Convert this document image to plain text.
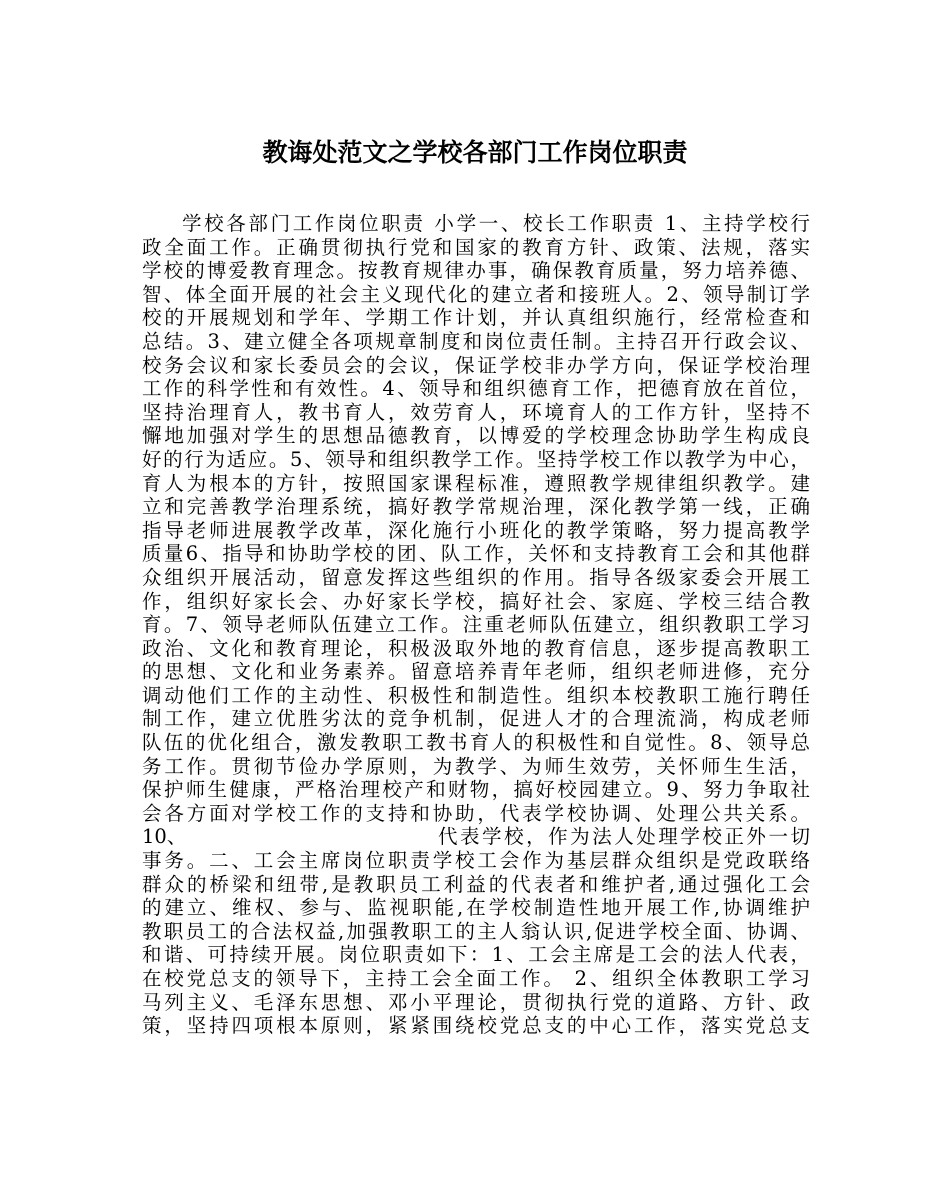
教诲处范文之学校各部门工作岗位职责
学校各部门工作岗位职责 小学一、校长工作职责 1、主持学校行
政全面工作。正确贯彻执行党和国家的教育方针、政策、法规，落实
学校的博爱教育理念。按教育规律办事，确保教育质量，努力培养德、
智、体全面开展的社会主义现代化的建立者和接班人。2、领导制订学
校的开展规划和学年、学期工作计划，并认真组织施行，经常检查和
总结。3、建立健全各项规章制度和岗位责任制。主持召开行政会议、
校务会议和家长委员会的会议，保证学校非办学方向，保证学校治理
工作的科学性和有效性。4、领导和组织德育工作，把德育放在首位，
坚持治理育人，教书育人，效劳育人，环境育人的工作方针，坚持不
懈地加强对学生的思想品德教育，以博爱的学校理念协助学生构成良
好的行为适应。5、领导和组织教学工作。坚持学校工作以教学为中心，
育人为根本的方针，按照国家课程标准，遵照教学规律组织教学。建
立和完善教学治理系统，搞好教学常规治理，深化教学第一线，正确
指导老师进展教学改革，深化施行小班化的教学策略，努力提高教学
质量6、指导和协助学校的团、队工作，关怀和支持教育工会和其他群
众组织开展活动，留意发挥这些组织的作用。指导各级家委会开展工
作，组织好家长会、办好家长学校，搞好社会、家庭、学校三结合教
育。7、领导老师队伍建立工作。注重老师队伍建立，组织教职工学习
政治、文化和教育理论，积极汲取外地的教育信息，逐步提高教职工
的思想、文化和业务素养。留意培养青年老师，组织老师进修，充分
调动他们工作的主动性、积极性和制造性。组织本校教职工施行聘任
制工作，建立优胜劣汰的竞争机制，促进人才的合理流淌，构成老师
队伍的优化组合，激发教职工教书育人的积极性和自觉性。8、领导总
务工作。贯彻节俭办学原则，为教学、为师生效劳，关怀师生生活，
保护师生健康，严格治理校产和财物，搞好校园建立。9、努力争取社
会各方面对学校工作的支持和协助，代表学校协调、处理公共关系。
10、	代表学校，作为法人处理学校正外一切
事务。二、工会主席岗位职责学校工会作为基层群众组织是党政联络
群众的桥梁和纽带,是教职员工利益的代表者和维护者,通过强化工会
的建立、维权、参与、监视职能,在学校制造性地开展工作,协调维护
教职员工的合法权益,加强教职工的主人翁认识,促进学校全面、协调、
和谐、可持续开展。岗位职责如下：1、工会主席是工会的法人代表，
在校党总支的领导下，主持工会全面工作。 2、组织全体教职工学习
马列主义、毛泽东思想、邓小平理论，贯彻执行党的道路、方针、政
策，坚持四项根本原则，紧紧围绕校党总支的中心工作，落实党总支
